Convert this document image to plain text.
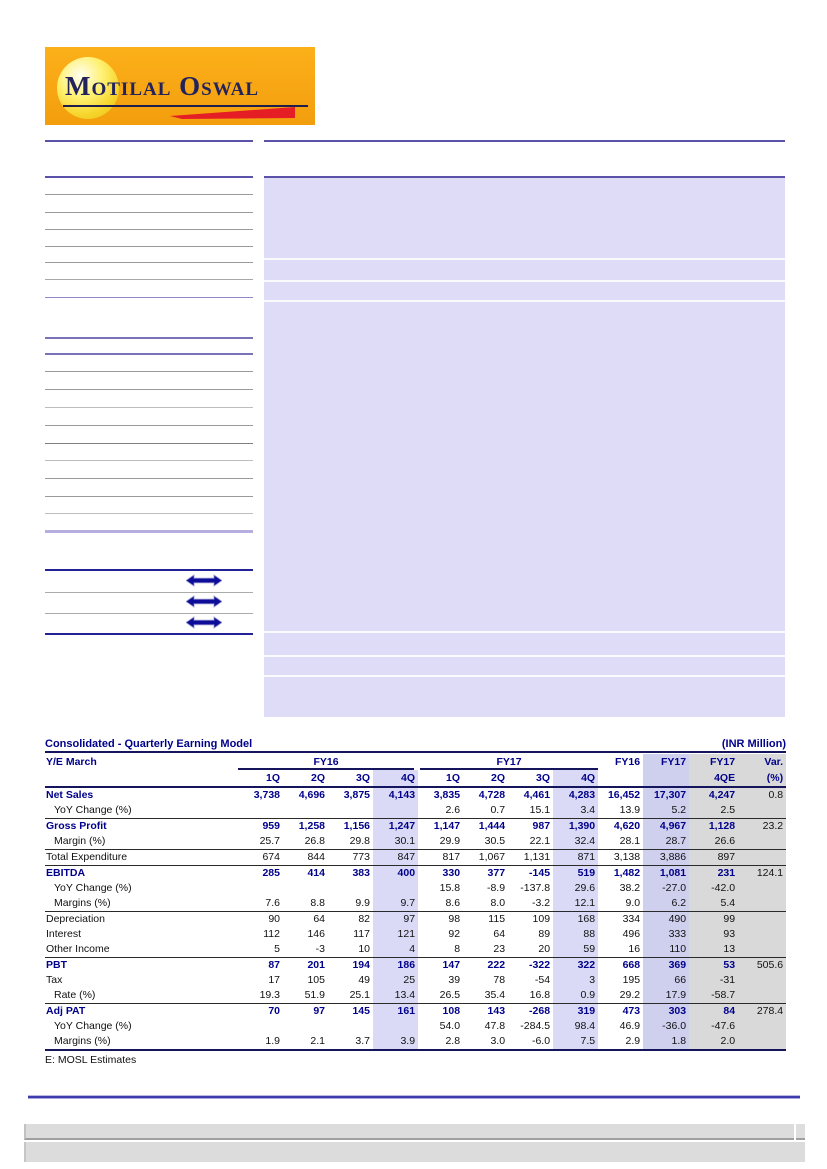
Motilal Oswal
Consolidated - Quarterly Earning Model	(INR Million)
Y/E March	FY16				FY17				FY16	FY17	FY17	Var.
	1Q	2Q	3Q	4Q	1Q	2Q	3Q	4Q			4QE	(%)
Net Sales	3,738	4,696	3,875	4,143	3,835	4,728	4,461	4,283	16,452	17,307	4,247	0.8
YoY Change (%)					2.6	0.7	15.1	3.4	13.9	5.2	2.5	
Gross Profit	959	1,258	1,156	1,247	1,147	1,444	987	1,390	4,620	4,967	1,128	23.2
Margin (%)	25.7	26.8	29.8	30.1	29.9	30.5	22.1	32.4	28.1	28.7	26.6	
Total Expenditure	674	844	773	847	817	1,067	1,131	871	3,138	3,886	897	
EBITDA	285	414	383	400	330	377	-145	519	1,482	1,081	231	124.1
YoY Change (%)					15.8	-8.9	-137.8	29.6	38.2	-27.0	-42.0	
Margins (%)	7.6	8.8	9.9	9.7	8.6	8.0	-3.2	12.1	9.0	6.2	5.4	
Depreciation	90	64	82	97	98	115	109	168	334	490	99	
Interest	112	146	117	121	92	64	89	88	496	333	93	
Other Income	5	-3	10	4	8	23	20	59	16	110	13	
PBT	87	201	194	186	147	222	-322	322	668	369	53	505.6
Tax	17	105	49	25	39	78	-54	3	195	66	-31	
Rate (%)	19.3	51.9	25.1	13.4	26.5	35.4	16.8	0.9	29.2	17.9	-58.7	
Adj PAT	70	97	145	161	108	143	-268	319	473	303	84	278.4
YoY Change (%)					54.0	47.8	-284.5	98.4	46.9	-36.0	-47.6	
Margins (%)	1.9	2.1	3.7	3.9	2.8	3.0	-6.0	7.5	2.9	1.8	2.0	
E: MOSL Estimates
